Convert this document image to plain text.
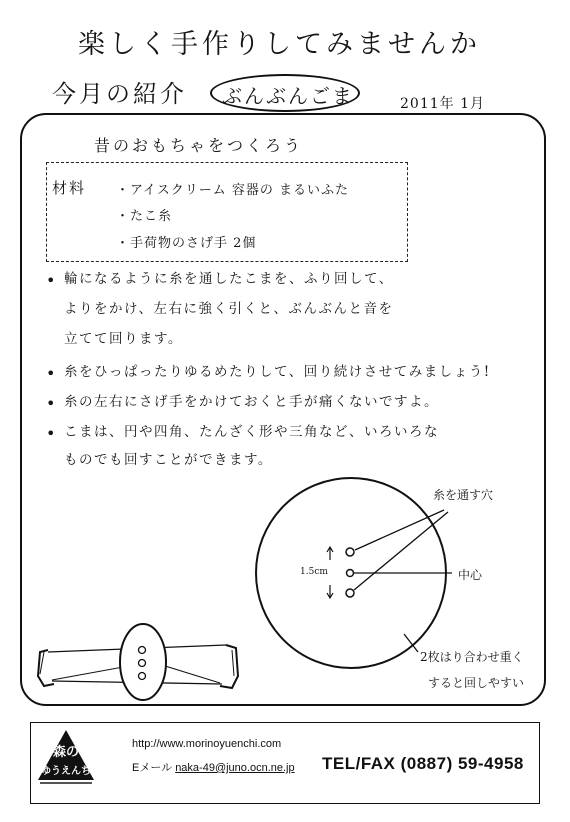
楽しく手作りしてみませんか
今月の紹介 ぶんぶんごま	2011年 1月
昔のおもちゃをつくろう
材料 ・アイスクリーム 容器の まるいふた
・たこ糸
・手荷物のさげ手 2個
• 輪になるように糸を通したこまを、ふり回して、
よりをかけ、左右に強く引くと、ぶんぶんと音を
立てて回ります。
• 糸をひっぱったりゆるめたりして、回り続けさせてみましょう!
• 糸の左右にさげ手をかけておくと手が痛くないですよ。
• こまは、円や四角、たんざく形や三角など、いろいろな
ものでも回すことができます。
糸を通す穴
中心
1.5cm
2枚はり合わせ重く
すると回しやすい
森の
ゆうえんち
http://www.morinoyuenchi.com
Eメール naka-49@juno.ocn.ne.jp TEL/FAX (0887) 59-4958
